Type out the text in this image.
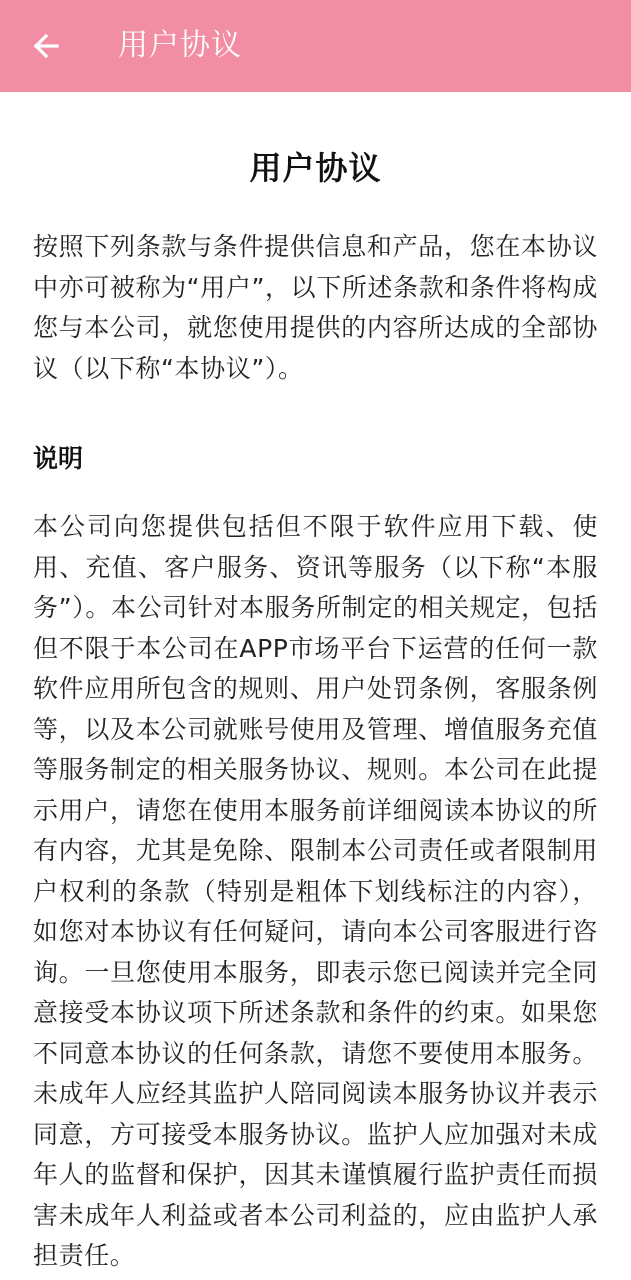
用户协议
用户协议

按照下列条款与条件提供信息和产品，您在本协议中亦可被称为“用户”，以下所述条款和条件将构成您与本公司，就您使用提供的内容所达成的全部协议（以下称“本协议”）。

说明

本公司向您提供包括但不限于软件应用下载、使用、充值、客户服务、资讯等服务（以下称“本服务”）。本公司针对本服务所制定的相关规定，包括但不限于本公司在APP市场平台下运营的任何一款软件应用所包含的规则、用户处罚条例，客服条例等，以及本公司就账号使用及管理、增值服务充值等服务制定的相关服务协议、规则。本公司在此提示用户，请您在使用本服务前详细阅读本协议的所有内容，尤其是免除、限制本公司责任或者限制用户权利的条款（特别是粗体下划线标注的内容），如您对本协议有任何疑问，请向本公司客服进行咨询。一旦您使用本服务，即表示您已阅读并完全同意接受本协议项下所述条款和条件的约束。如果您不同意本协议的任何条款，请您不要使用本服务。未成年人应经其监护人陪同阅读本服务协议并表示同意，方可接受本服务协议。监护人应加强对未成年人的监督和保护，因其未谨慎履行监护责任而损害未成年人利益或者本公司利益的，应由监护人承担责任。
